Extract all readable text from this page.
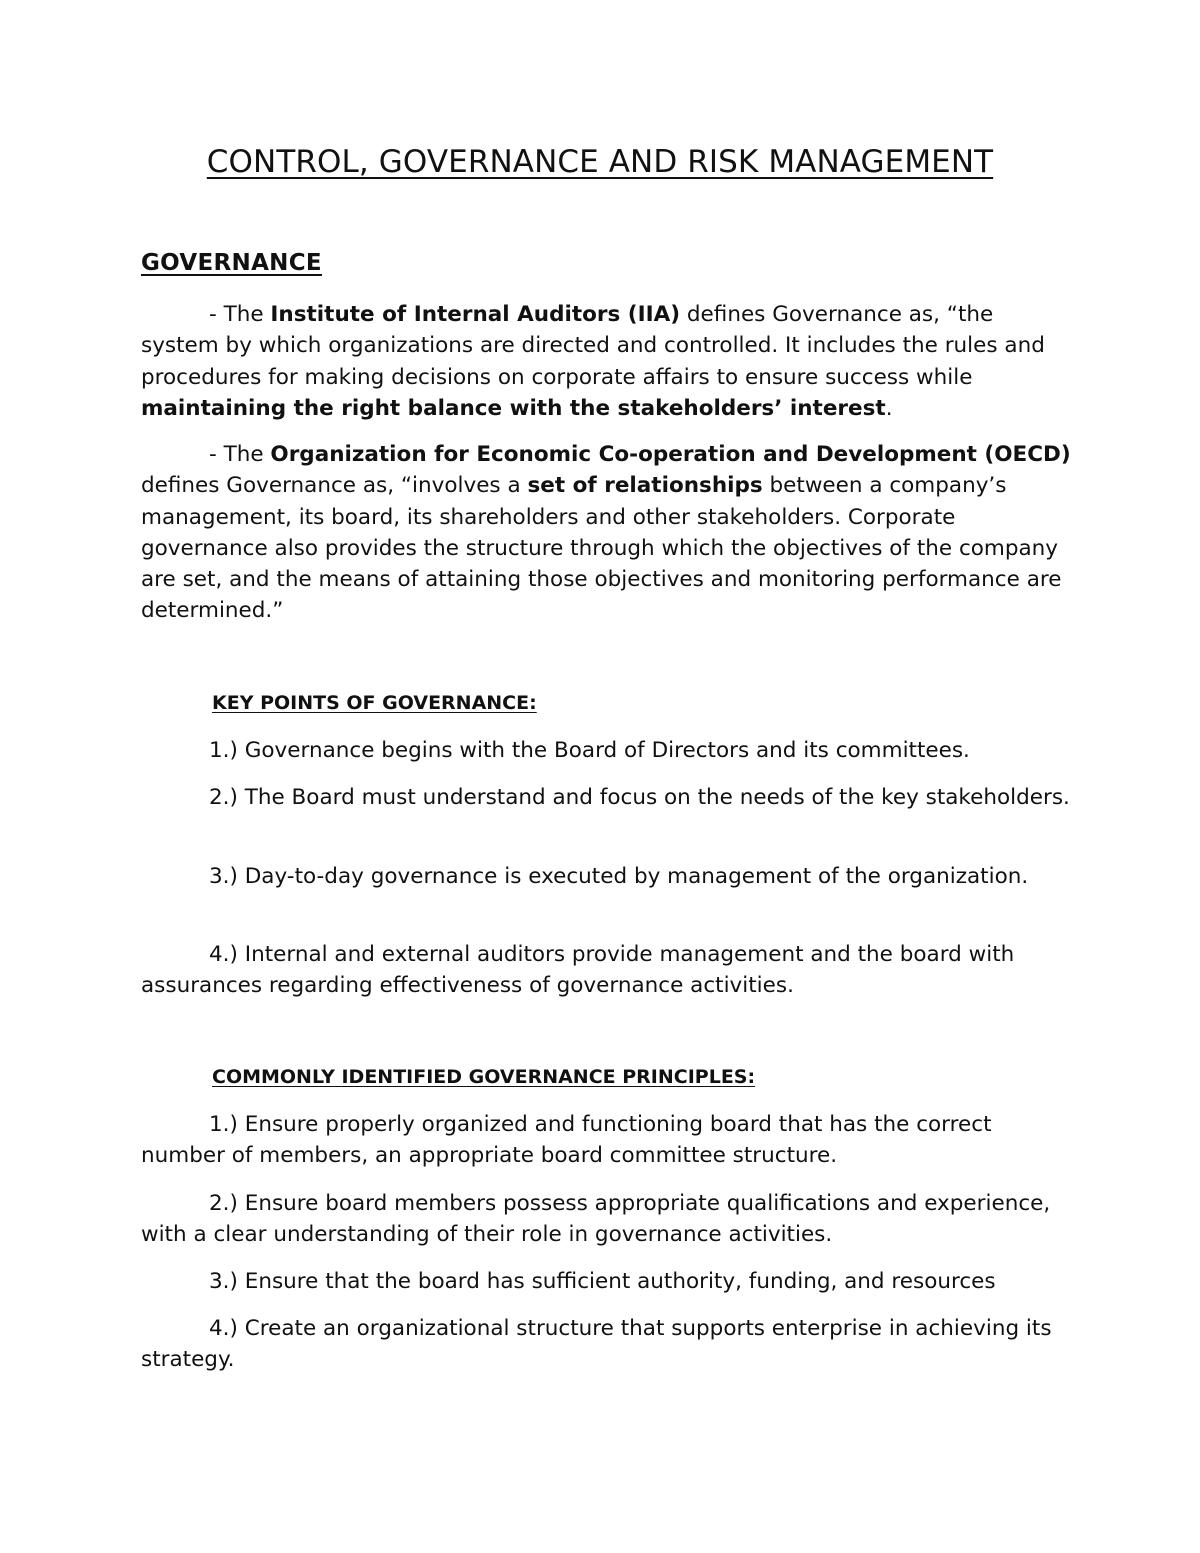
CONTROL, GOVERNANCE AND RISK MANAGEMENT
GOVERNANCE

- The Institute of Internal Auditors (IIA) defines Governance as, “the system by which organizations are directed and controlled. It includes the rules and procedures for making decisions on corporate affairs to ensure success while maintaining the right balance with the stakeholders’ interest.

- The Organization for Economic Co-operation and Development (OECD) defines Governance as, “involves a set of relationships between a company’s management, its board, its shareholders and other stakeholders. Corporate governance also provides the structure through which the objectives of the company are set, and the means of attaining those objectives and monitoring performance are determined.”

KEY POINTS OF GOVERNANCE:

1.) Governance begins with the Board of Directors and its committees.

2.) The Board must understand and focus on the needs of the key stakeholders.

3.) Day-to-day governance is executed by management of the organization.

4.) Internal and external auditors provide management and the board with assurances regarding effectiveness of governance activities.

COMMONLY IDENTIFIED GOVERNANCE PRINCIPLES:

1.) Ensure properly organized and functioning board that has the correct number of members, an appropriate board committee structure.

2.) Ensure board members possess appropriate qualifications and experience, with a clear understanding of their role in governance activities.

3.) Ensure that the board has sufficient authority, funding, and resources

4.) Create an organizational structure that supports enterprise in achieving its strategy.
